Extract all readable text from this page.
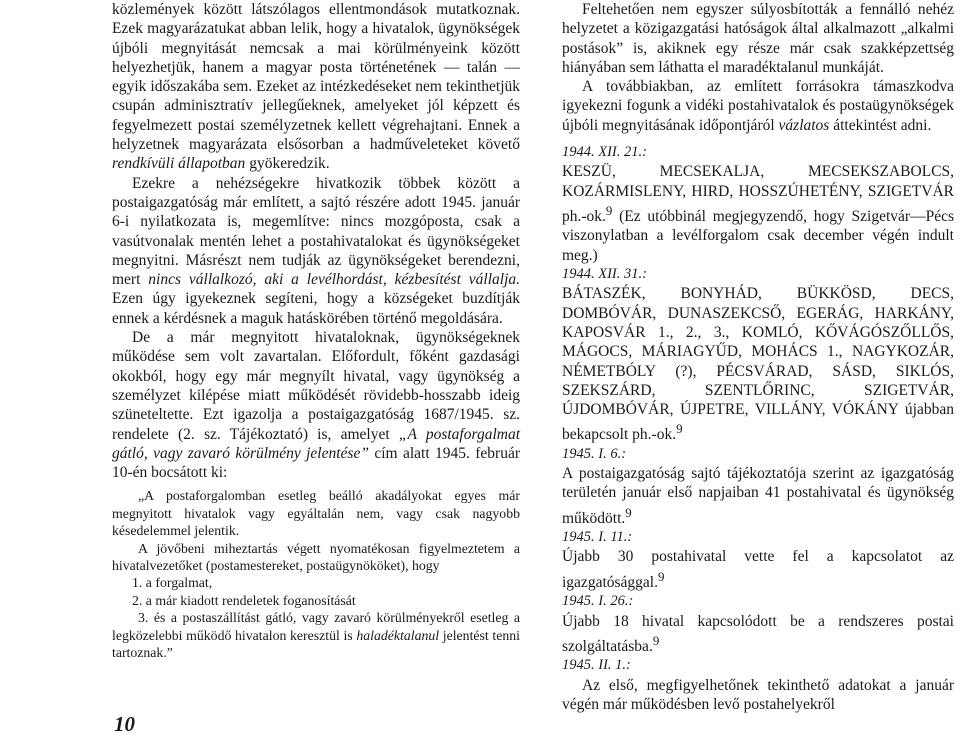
közlemények között látszólagos ellentmondások mutatkoznak. Ezek magyarázatukat abban lelik, hogy a hivatalok, ügynökségek újbóli megnyitását nemcsak a mai körülményeink között helyezhetjük, hanem a magyar posta történetének — talán — egyik időszakába sem. Ezeket az intézkedéseket nem tekinthetjük csupán adminisztratív jellegűeknek, amelyeket jól képzett és fegyelmezett postai személyzetnek kellett végrehajtani. Ennek a helyzetnek magyarázata elsősorban a hadműveleteket követő rendkívüli állapotban gyökeredzik.

Ezekre a nehézségekre hivatkozik többek között a postaigazgatóság már említett, a sajtó részére adott 1945. január 6-i nyilatkozata is, megemlítve: nincs mozgóposta, csak a vasútvonalak mentén lehet a postahivatalokat és ügynökségeket megnyitni. Másrészt nem tudják az ügynökségeket berendezni, mert nincs vállalkozó, aki a levélhordást, kézbesítést vállalja. Ezen úgy igyekeznek segíteni, hogy a községeket buzdítják ennek a kérdésnek a maguk hatáskörében történő megoldására.

De a már megnyitott hivataloknak, ügynökségeknek működése sem volt zavartalan. Előfordult, főként gazdasági okokból, hogy egy már megnyílt hivatal, vagy ügynökség a személyzet kilépése miatt működését rövidebb-hosszabb ideig szüneteltette. Ezt igazolja a postaigazgatóság 1687/1945. sz. rendelete (2. sz. Tájékoztató) is, amelyet „A postaforgalmat gátló, vagy zavaró körülmény jelentése” cím alatt 1945. február 10-én bocsátott ki:

„A postaforgalomban esetleg beálló akadályokat egyes már megnyitott hivatalok vagy egyáltalán nem, vagy csak nagyobb késedelemmel jelentik.

A jövőbeni miheztartás végett nyomatékosan figyelmeztetem a hivatalvezetőket (postamestereket, postaügynököket), hogy

1. a forgalmat,

2. a már kiadott rendeletek foganosítását

3. és a postaszállítást gátló, vagy zavaró körülményekről esetleg a legközelebbi működő hivatalon keresztül is haladéktalanul jelentést tenni tartoznak.”

Feltehetően nem egyszer súlyosbították a fennálló nehéz helyzetet a közigazgatási hatóságok által alkalmazott „alkalmi postások” is, akiknek egy része már csak szakképzettség hiányában sem láthatta el maradéktalanul munkáját.

A továbbiakban, az említett forrásokra támaszkodva igyekezni fogunk a vidéki postahivatalok és postaügynökségek újbóli megnyitásának időpontjáról vázlatos áttekintést adni.

1944. XII. 21.:

KESZÜ, MECSEKALJA, MECSEKSZABOLCS, KOZÁRMISLENY, HIRD, HOSSZÚHETÉNY, SZIGETVÁR ph.-ok.$^9$ (Ez utóbbinál megjegyzendő, hogy Szigetvár—Pécs viszonylatban a levélforgalom csak december végén indult meg.)

1944. XII. 31.:

BÁTASZÉK, BONYHÁD, BÜKKÖSD, DECS, DOMBÓVÁR, DUNASZEKCSŐ, EGERÁG, HARKÁNY, KAPOSVÁR 1., 2., 3., KOMLÓ, KŐVÁGÓSZŐLLŐS, MÁGOCS, MÁRIAGYŰD, MOHÁCS 1., NAGYKOZÁR, NÉMETBÓLY (?), PÉCSVÁRAD, SÁSD, SIKLÓS, SZEKSZÁRD, SZENTLŐRINC, SZIGETVÁR, ÚJDOMBÓVÁR, ÚJPETRE, VILLÁNY, VÓKÁNY újabban bekapcsolt ph.-ok.$^9$

1945. I. 6.:

A postaigazgatóság sajtó tájékoztatója szerint az igazgatóság területén január első napjaiban 41 postahivatal és ügynökség működött.$^9$

1945. I. 11.:

Újabb 30 postahivatal vette fel a kapcsolatot az igazgatósággal.$^9$

1945. I. 26.:

Újabb 18 hivatal kapcsolódott be a rendszeres postai szolgáltatásba.$^9$

1945. II. 1.:

Az első, megfigyelhetőnek tekinthető adatokat a január végén már működésben levő postahelyekről

10
